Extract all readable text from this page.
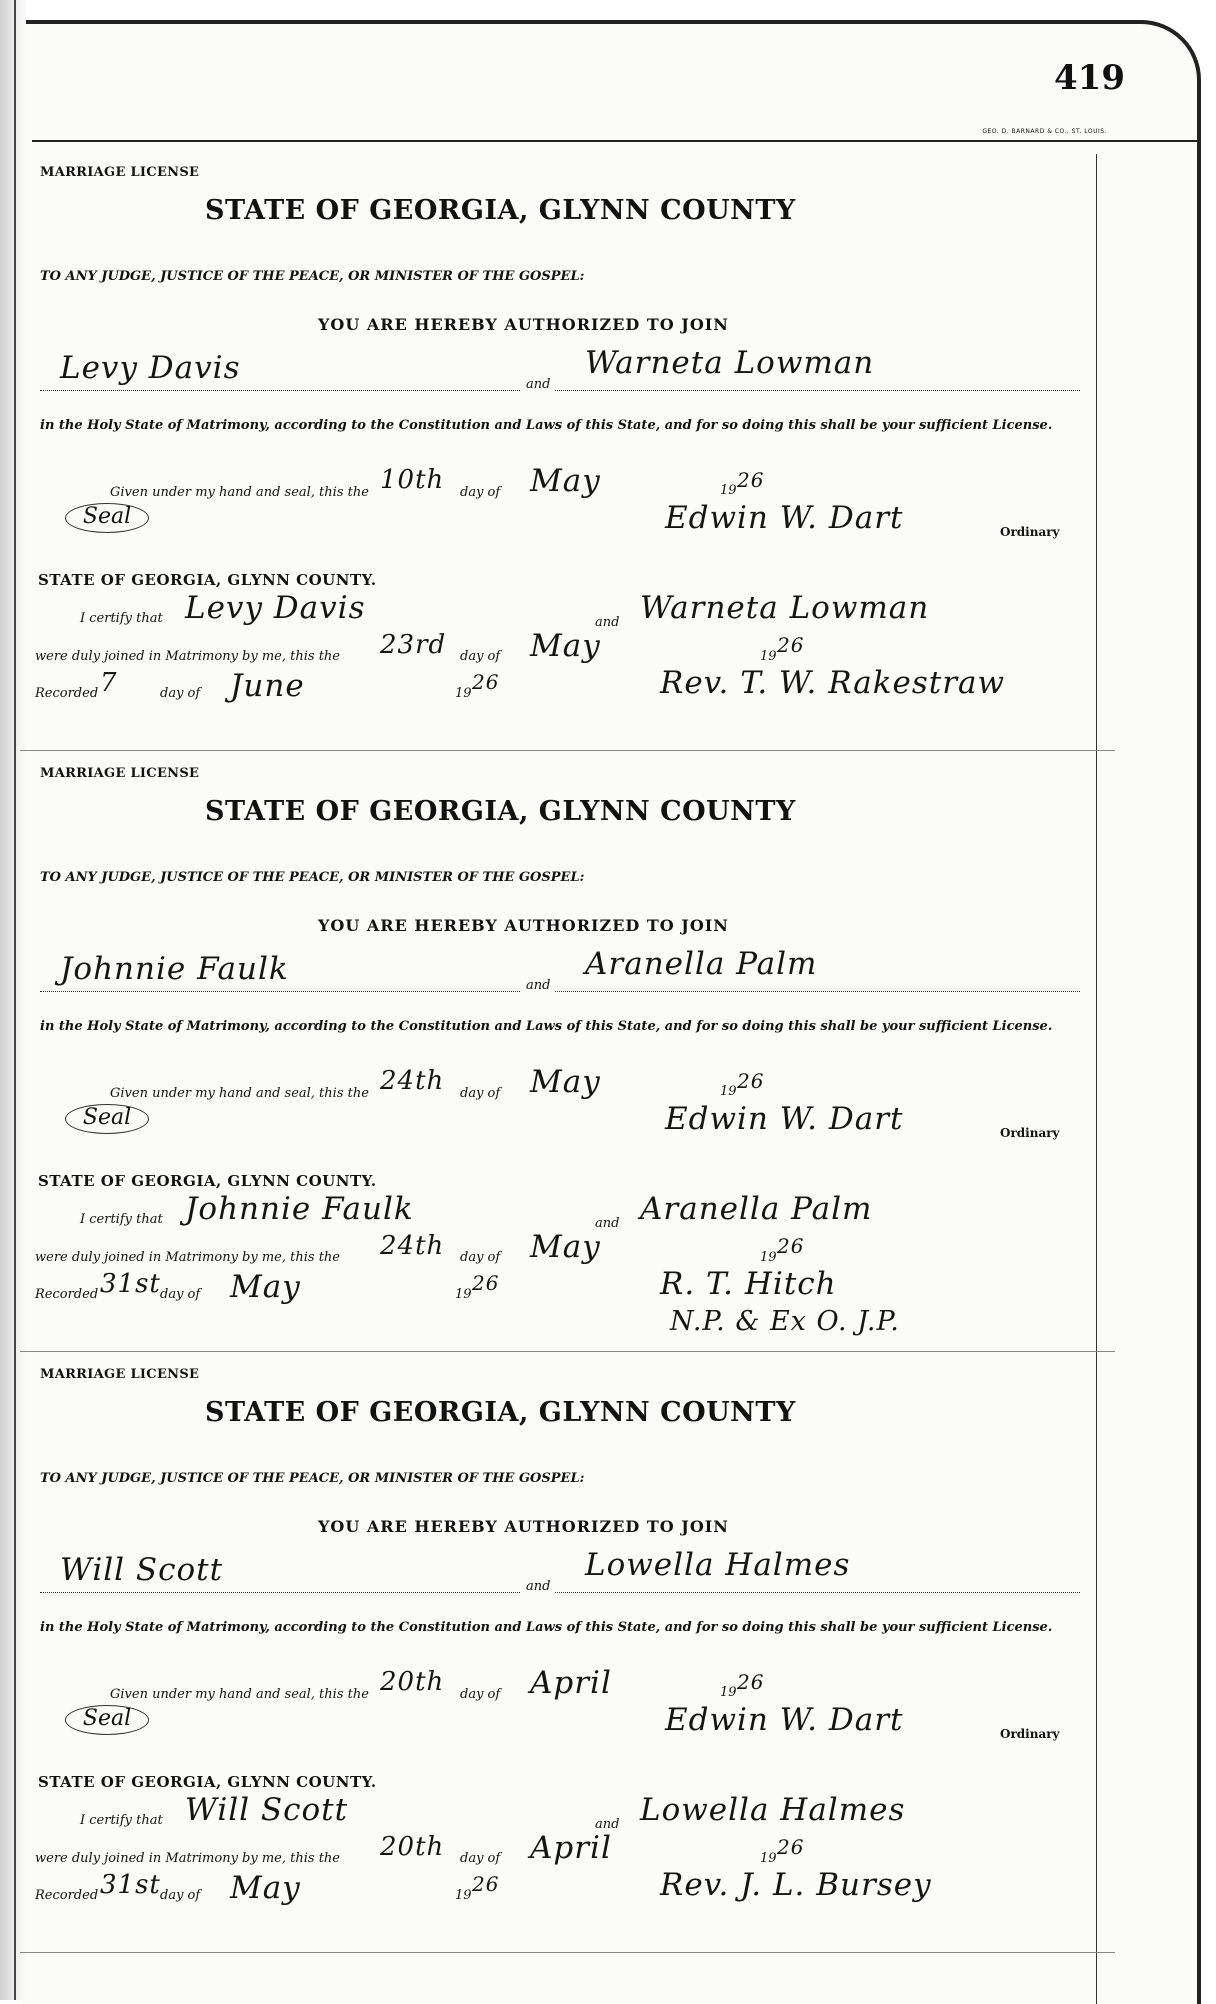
419
GEO. D. BARNARD & CO., ST. LOUIS.
MARRIAGE LICENSE
STATE OF GEORGIA, GLYNN COUNTY
TO ANY JUDGE, JUSTICE OF THE PEACE, OR MINISTER OF THE GOSPEL:
YOU ARE HEREBY AUTHORIZED TO JOIN
Levy Davis	and
Warneta Lowman
in the Holy State of Matrimony, according to the Constitution and Laws of this State, and for so doing this shall be your sufficient License.
Given under my hand and seal, this the 10th day of May	19 26
Seal	Edwin W. Dart	Ordinary
STATE OF GEORGIA, GLYNN COUNTY.
I certify that Levy Davis	and Warneta Lowman
were duly joined in Matrimony by me, this the 23rd day of May	19 26
Recorded 7	day of June	19 26	Rev. T. W. Rakestraw
MARRIAGE LICENSE
STATE OF GEORGIA, GLYNN COUNTY
TO ANY JUDGE, JUSTICE OF THE PEACE, OR MINISTER OF THE GOSPEL:
YOU ARE HEREBY AUTHORIZED TO JOIN
Johnnie Faulk	and
Aranella Palm
in the Holy State of Matrimony, according to the Constitution and Laws of this State, and for so doing this shall be your sufficient License.
Given under my hand and seal, this the 24th day of May	19 26
Seal	Edwin W. Dart	Ordinary
STATE OF GEORGIA, GLYNN COUNTY.
I certify that Johnnie Faulk	and Aranella Palm
were duly joined in Matrimony by me, this the 24th day of May	19 26
Recorded 31st day of May	19 26	R. T. Hitch
N.P. & Ex O. J.P.
MARRIAGE LICENSE
STATE OF GEORGIA, GLYNN COUNTY
TO ANY JUDGE, JUSTICE OF THE PEACE, OR MINISTER OF THE GOSPEL:
YOU ARE HEREBY AUTHORIZED TO JOIN
Will Scott	and
Lowella Halmes
in the Holy State of Matrimony, according to the Constitution and Laws of this State, and for so doing this shall be your sufficient License.
Given under my hand and seal, this the 20th day of April	19 26
Seal	Edwin W. Dart	Ordinary
STATE OF GEORGIA, GLYNN COUNTY.
I certify that Will Scott	and Lowella Halmes
were duly joined in Matrimony by me, this the 20th day of April	19 26
Recorded 31st day of May	19 26	Rev. J. L. Bursey
